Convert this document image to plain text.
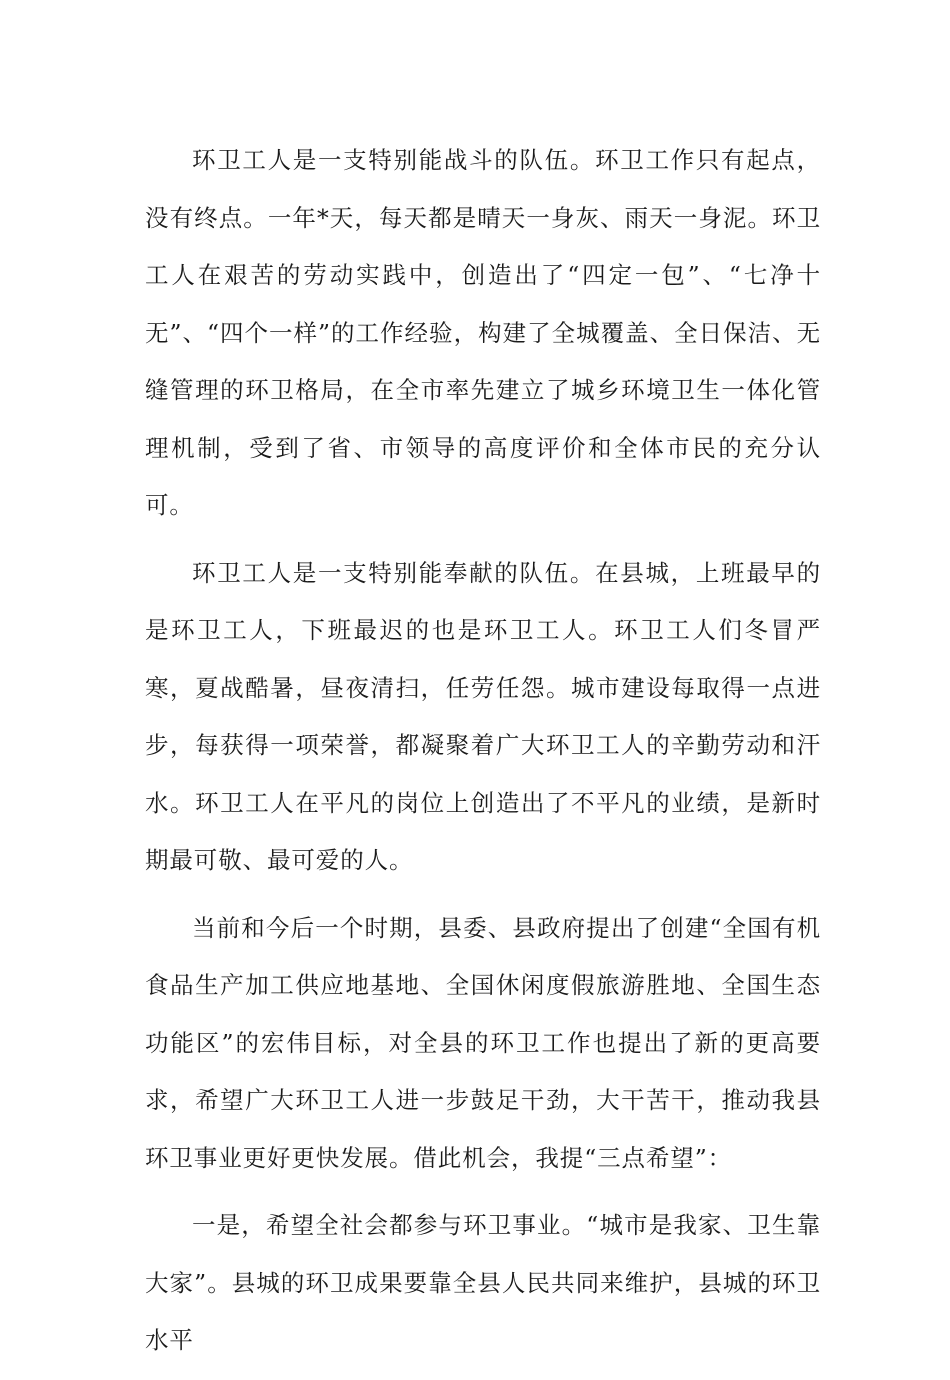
环卫工人是一支特别能战斗的队伍。环卫工作只有起点，没有终点。一年*天，每天都是晴天一身灰、雨天一身泥。环卫工人在艰苦的劳动实践中，创造出了“四定一包”、“七净十无”、“四个一样”的工作经验，构建了全城覆盖、全日保洁、无缝管理的环卫格局，在全市率先建立了城乡环境卫生一体化管理机制，受到了省、市领导的高度评价和全体市民的充分认可。

环卫工人是一支特别能奉献的队伍。在县城，上班最早的是环卫工人，下班最迟的也是环卫工人。环卫工人们冬冒严寒，夏战酷暑，昼夜清扫，任劳任怨。城市建设每取得一点进步，每获得一项荣誉，都凝聚着广大环卫工人的辛勤劳动和汗水。环卫工人在平凡的岗位上创造出了不平凡的业绩，是新时期最可敬、最可爱的人。

当前和今后一个时期，县委、县政府提出了创建“全国有机食品生产加工供应地基地、全国休闲度假旅游胜地、全国生态功能区”的宏伟目标，对全县的环卫工作也提出了新的更高要求，希望广大环卫工人进一步鼓足干劲，大干苦干，推动我县环卫事业更好更快发展。借此机会，我提“三点希望”：

一是，希望全社会都参与环卫事业。“城市是我家、卫生靠大家”。县城的环卫成果要靠全县人民共同来维护，县城的环卫水平
